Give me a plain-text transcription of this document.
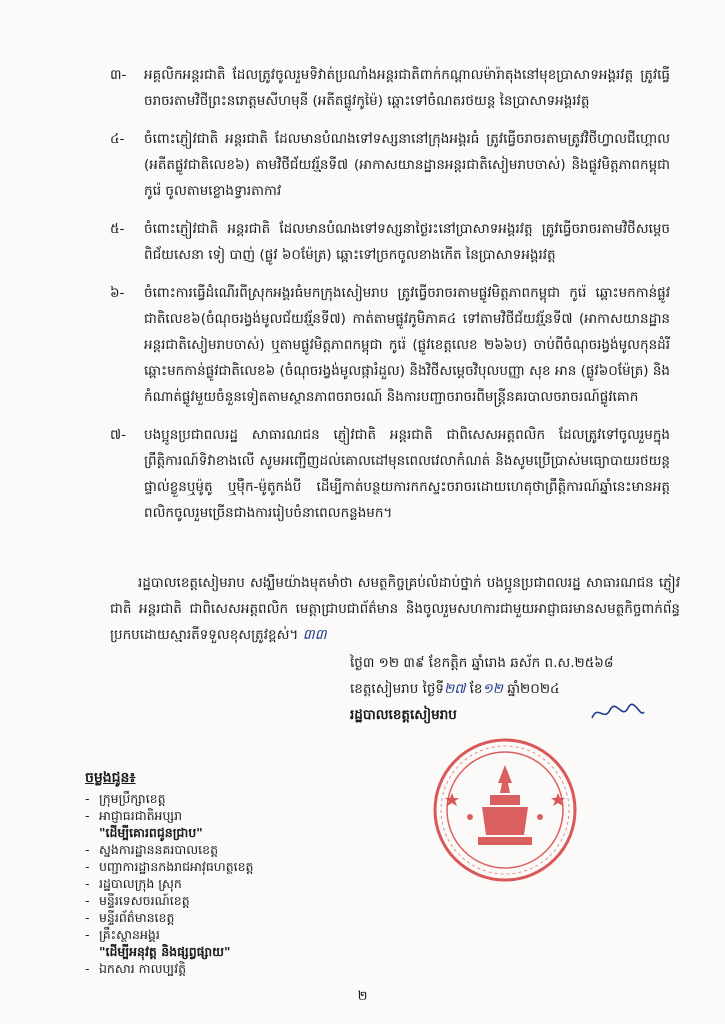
៣-	អគ្គលិកអន្តរជាតិ ដែលត្រូវចូលរួមទិវាត់ប្រណាំងអន្តរជាតិពាក់កណ្តាលម៉ារ៉ាតុងនៅមុខប្រាសាទអង្គរវត្ត ត្រូវធ្វើចរាចរតាមវិថីព្រះនរោត្តមសីហមុនី (អតីតផ្លូវកូម៉ៃ) ឆ្ពោះទៅចំណតរថយន្ត នៃប្រាសាទអង្គរវត្ត
៤-	ចំពោះភ្ញៀវជាតិ អន្តរជាតិ ដែលមានបំណងទៅទស្សនានៅក្រុងអង្គរធំ ត្រូវធ្វើចរាចរតាមត្រូវវិថីហ្វាលជីហ្គោល (អតីតផ្លូវជាតិលេខ៦) តាមវិថីជ័យវរ្ម័នទី៧ (អាកាសយានដ្ឋានអន្តរជាតិសៀមរាបចាស់) និងផ្លូវមិត្តភាពកម្ពុជា កូរ៉េ ចូលតាមខ្លោងទ្វារតាកាវ
៥-	ចំពោះភ្ញៀវជាតិ អន្តរជាតិ ដែលមានបំណងទៅទស្សនាថ្ងៃរះនៅប្រាសាទអង្គរវត្ត ត្រូវធ្វើចរាចរតាមវិថីសម្តេចពិជ័យសេនា ទៀ បាញ់ (ផ្លូវ ៦០ម៉ែត្រ) ឆ្ពោះទៅច្រកចូលខាងកើត នៃប្រាសាទអង្គរវត្ត
៦-	ចំពោះការធ្វើដំណើរពីស្រុកអង្គរធំមកក្រុងសៀមរាប ត្រូវធ្វើចរាចរតាមផ្លូវមិត្តភាពកម្ពុជា កូរ៉េ ឆ្ពោះមកកាន់ផ្លូវជាតិលេខ៦(ចំណុចរង្វង់មូលជ័យវរ្ម័នទី៧) កាត់តាមផ្លូវភូមិភាគ៤ ទៅតាមវិថីជ័យវរ្ម័នទី៧ (អាកាសយានដ្ឋានអន្តរជាតិសៀមរាបចាស់) ឬតាមផ្លូវមិត្តភាពកម្ពុជា កូរ៉េ (ផ្លូវខេត្តលេខ ២៦៦ប) ចាប់ពីចំណុចរង្វង់មូលកុនដំរី ឆ្ពោះមកកាន់ផ្លូវជាតិលេខ៦ (ចំណុចរង្វង់មូលផ្ការំដួល) និងវិថីសម្តេចវិបុលបញ្ញា សុខ អាន (ផ្លូវ៦០ម៉ែត្រ) និងកំណាត់ផ្លូវមួយចំនួនទៀតតាមស្ថានភាពចរាចរណ៍ និងការបញ្ជាចរាចរពីមន្ត្រីនគរបាលចរាចរណ៍ផ្លូវគោក
៧-	បងប្អូនប្រជាពលរដ្ឋ សាធារណជន ភ្ញៀវជាតិ អន្តរជាតិ ជាពិសេសអត្តពលិក ដែលត្រូវទៅចូលរួមក្នុងព្រឹត្តិការណ៍ទិវាខាងលើ សូមអញ្ជើញដល់គោលដៅមុនពេលវេលាកំណត់ និងសូមប្រើប្រាស់មធ្យោបាយរថយន្តផ្ទាល់ខ្លួនឬម៉ូតូ ឬម៉ឺក-ម៉ូតូកង់បី ដើម្បីកាត់បន្ថយការកកស្ទះចរាចរដោយហេតុថាព្រឹត្តិការណ៍ឆ្នាំនេះមានអត្តពលិកចូលរួមច្រើនជាងការរៀបចំនាពេលកន្លងមក។
រដ្ឋបាលខេត្តសៀមរាប សង្ឃឹមយ៉ាងមុតមាំថា សមត្ថកិច្ចគ្រប់លំដាប់ថ្នាក់ បងប្អូនប្រជាពលរដ្ឋ សាធារណជន ភ្ញៀវជាតិ អន្តរជាតិ ជាពិសេសអត្តពលិក មេត្តាជ្រាបជាព័ត៌មាន និងចូលរួមសហការជាមួយអាជ្ញាធរមានសមត្ថកិច្ចពាក់ព័ន្ធប្រកបដោយស្មារតីទទួលខុសត្រូវខ្ពស់។ ៣៣
ថ្ងៃ៣ ១២ ៣៩ ខែកត្តិក ឆ្នាំរោង ឆស័ក ព.ស.២៥៦៨
ខេត្តសៀមរាប ថ្ងៃទី២៧ ខែ១២ ឆ្នាំ២០២៤
រដ្ឋបាលខេត្តសៀមរាប
ចម្លងជូន៖
- ក្រុមប្រឹក្សាខេត្ត
- អាជ្ញាធរជាតិអប្សរា
"ដើម្បីគោរពជូនជ្រាប"
- ស្នងការដ្ឋាននគរបាលខេត្ត
- បញ្ជាការដ្ឋានកងរាជអាវុធហត្ថខេត្ត
- រដ្ឋបាលក្រុង ស្រុក
- មន្ទីរទេសចរណ៍ខេត្ត
- មន្ទីរព័ត៌មានខេត្ត
- គ្រឹះស្ថានអង្គរ
"ដើម្បីអនុវត្ត និងផ្សព្វផ្សាយ"
- ឯកសារ កាលប្បវត្តិ
២
